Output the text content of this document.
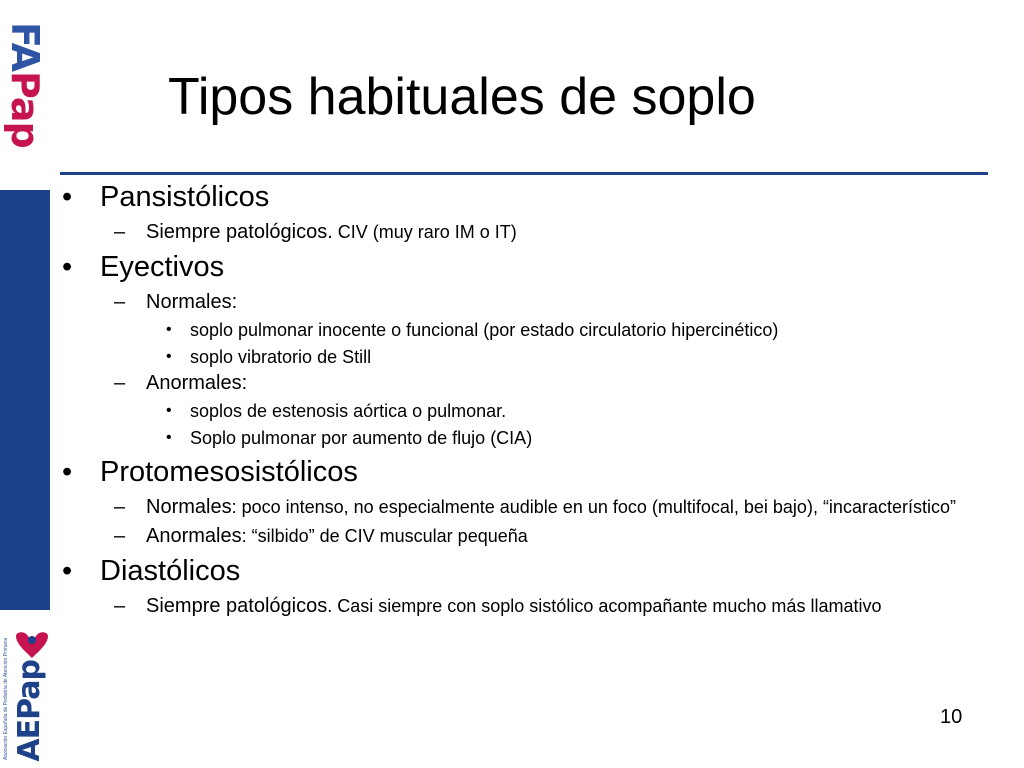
FAPap
Asociación Española de Pediatría de Atención Primaria AEPap
Tipos habituales de soplo
• Pansistólicos
– Siempre patológicos. CIV (muy raro IM o IT)
• Eyectivos
– Normales:
• soplo pulmonar inocente o funcional (por estado circulatorio hipercinético)
• soplo vibratorio de Still
– Anormales:
• soplos de estenosis aórtica o pulmonar.
• Soplo pulmonar por aumento de flujo (CIA)
• Protomesosistólicos
– Normales: poco intenso, no especialmente audible en un foco (multifocal, bei bajo), “incaracterístico”
– Anormales: “silbido” de CIV muscular pequeña
• Diastólicos
– Siempre patológicos. Casi siempre con soplo sistólico acompañante mucho más llamativo
10
